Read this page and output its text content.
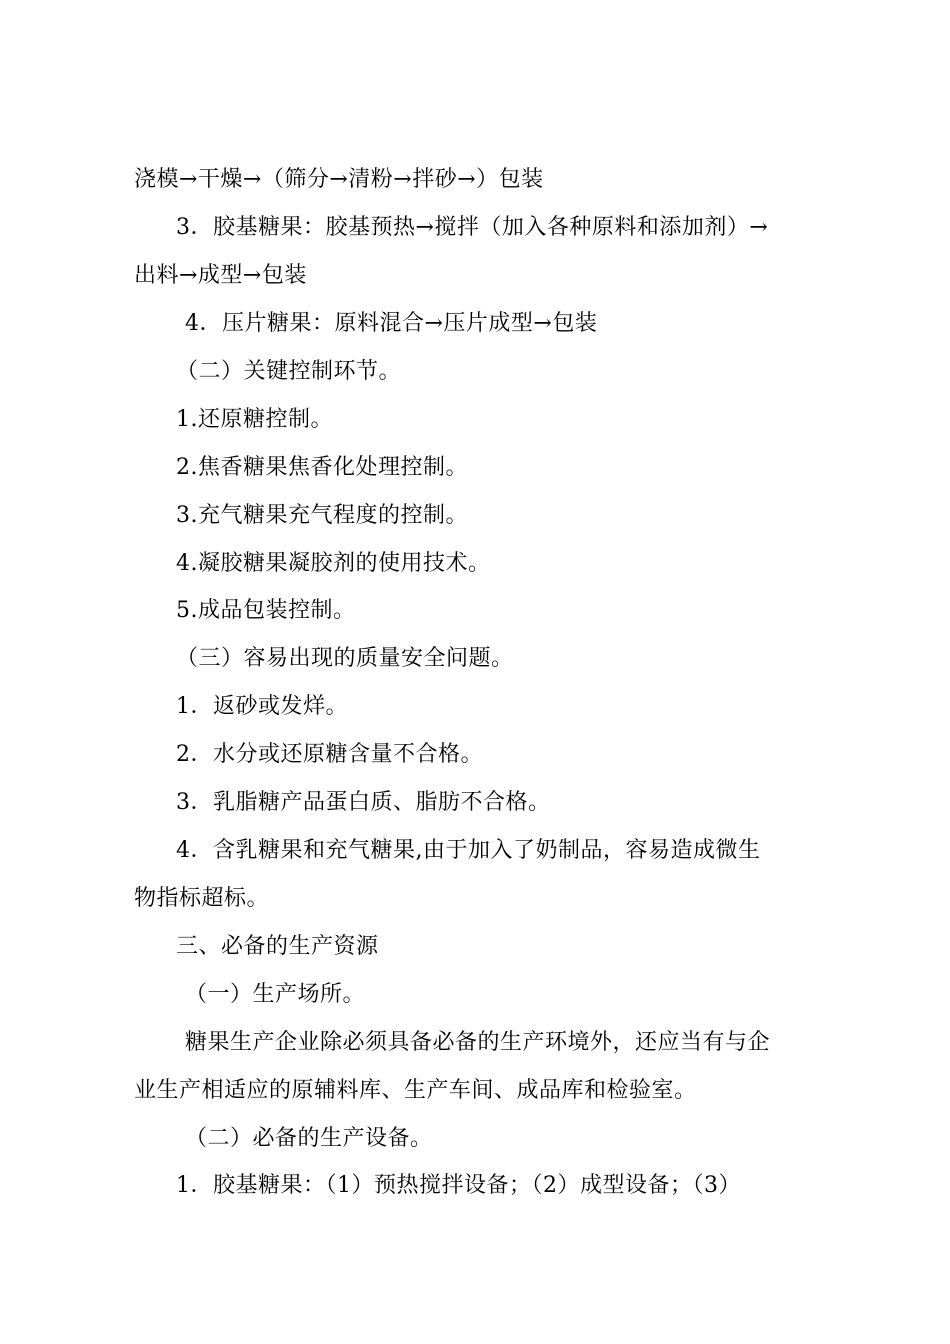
浇模→干燥→（筛分→清粉→拌砂→）包装
3．胶基糖果：胶基预热→搅拌（加入各种原料和添加剂）→
出料→成型→包装
4．压片糖果：原料混合→压片成型→包装
（二）关键控制环节。
1.还原糖控制。
2.焦香糖果焦香化处理控制。
3.充气糖果充气程度的控制。
4.凝胶糖果凝胶剂的使用技术。
5.成品包装控制。
（三）容易出现的质量安全问题。
1．返砂或发烊。
2．水分或还原糖含量不合格。
3．乳脂糖产品蛋白质、脂肪不合格。
4．含乳糖果和充气糖果,由于加入了奶制品，容易造成微生
物指标超标。
三、必备的生产资源
（一）生产场所。
糖果生产企业除必须具备必备的生产环境外，还应当有与企
业生产相适应的原辅料库、生产车间、成品库和检验室。
（二）必备的生产设备。
1．胶基糖果：（1）预热搅拌设备；（2）成型设备；（3）
